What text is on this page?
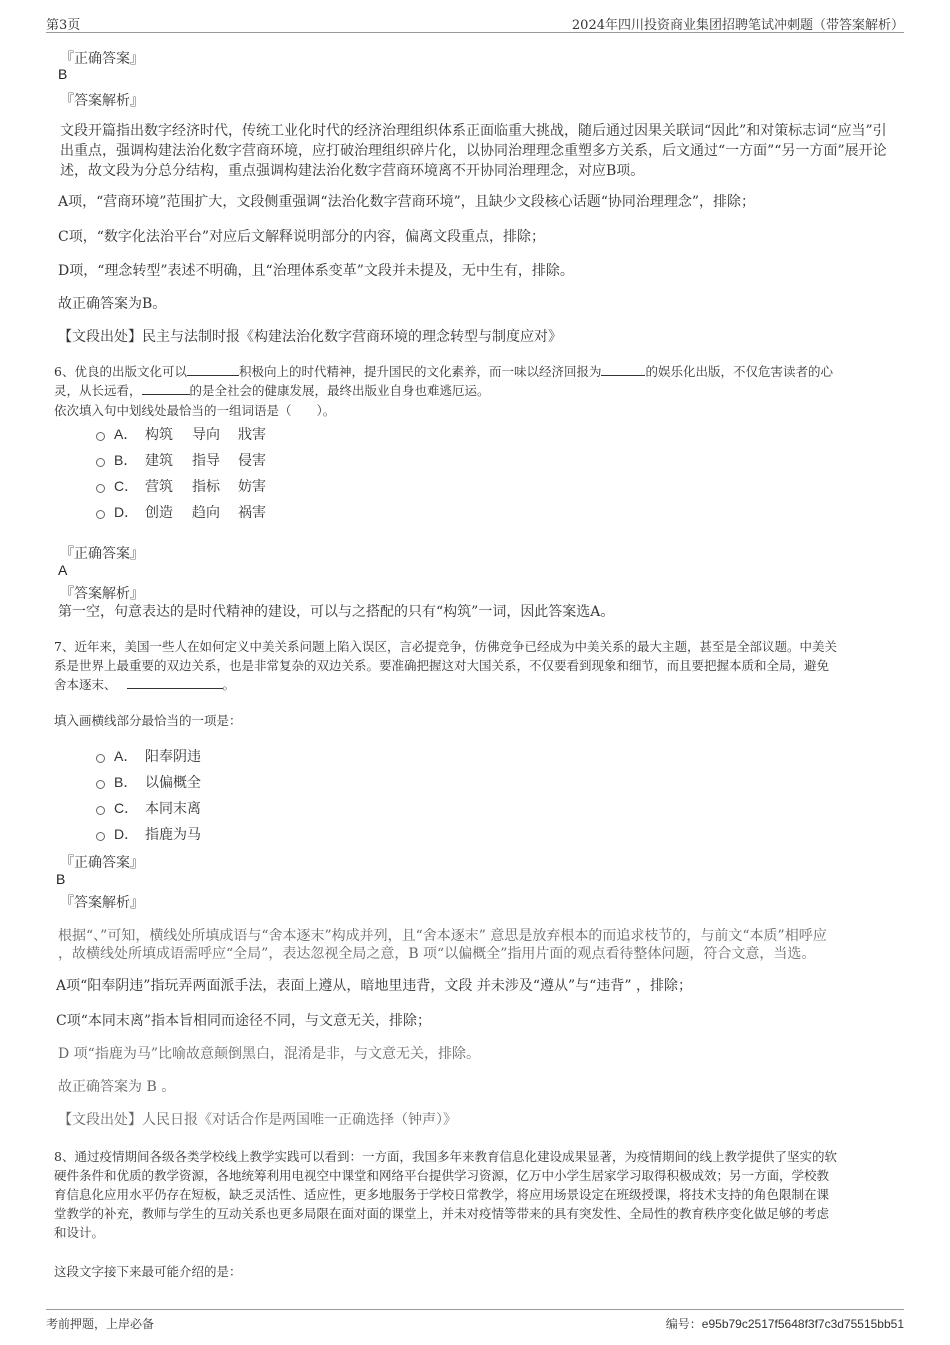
第3页	2024年四川投资商业集团招聘笔试冲刺题（带答案解析）
『正确答案』
B
『答案解析』
文段开篇指出数字经济时代，传统工业化时代的经济治理组织体系正面临重大挑战，随后通过因果关联词“因此”和对策标志词“应当”引出重点，强调构建法治化数字营商环境，应打破治理组织碎片化，以协同治理理念重塑多方关系，后文通过“一方面”“另一方面”展开论述，故文段为分总分结构，重点强调构建法治化数字营商环境离不开协同治理理念，对应B项。
A项，“营商环境”范围扩大，文段侧重强调“法治化数字营商环境”，且缺少文段核心话题“协同治理理念”，排除；
C项，“数字化法治平台”对应后文解释说明部分的内容，偏离文段重点，排除；
D项，“理念转型”表述不明确，且“治理体系变革”文段并未提及，无中生有，排除。
故正确答案为B。
【文段出处】民主与法制时报《构建法治化数字营商环境的理念转型与制度应对》
6、优良的出版文化可以	积极向上的时代精神，提升国民的文化素养，而一味以经济回报为	的娱乐化出版，不仅危害读者的心
灵，从长远看，	的是全社会的健康发展，最终出版业自身也难逃厄运。
依次填入句中划线处最恰当的一组词语是（　　）。
A． 构筑 导向 戕害
B． 建筑 指导 侵害
C． 营筑 指标 妨害
D． 创造 趋向 祸害
『正确答案』
A
『答案解析』
第一空，句意表达的是时代精神的建设，可以与之搭配的只有“构筑”一词，因此答案选A。
7、近年来，美国一些人在如何定义中美关系问题上陷入误区，言必提竞争，仿佛竞争已经成为中美关系的最大主题，甚至是全部议题。中美关
系是世界上最重要的双边关系，也是非常复杂的双边关系。要准确把握这对大国关系，不仅要看到现象和细节，而且要把握本质和全局，避免
舍本逐末、	。
填入画横线部分最恰当的一项是：
A． 阳奉阴违
B． 以偏概全
C． 本同末离
D． 指鹿为马
『正确答案』
B
『答案解析』
根据“、”可知，横线处所填成语与“舍本逐末”构成并列，且“舍本逐末” 意思是放弃根本的而追求枝节的，与前文“本质”相呼应
，故横线处所填成语需呼应“全局”，表达忽视全局之意，B 项“以偏概全”指用片面的观点看待整体问题，符合文意，当选。
A项“阳奉阴违”指玩弄两面派手法，表面上遵从，暗地里违背，文段 并未涉及“遵从”与“违背” ，排除；
C项“本同末离”指本旨相同而途径不同，与文意无关，排除；
D 项“指鹿为马”比喻故意颠倒黑白，混淆是非，与文意无关，排除。
故正确答案为 B 。
【文段出处】人民日报《对话合作是两国唯一正确选择（钟声）》
8、通过疫情期间各级各类学校线上教学实践可以看到：一方面，我国多年来教育信息化建设成果显著，为疫情期间的线上教学提供了坚实的软
硬件条件和优质的教学资源，各地统筹利用电视空中课堂和网络平台提供学习资源，亿万中小学生居家学习取得积极成效；另一方面，学校教
育信息化应用水平仍存在短板，缺乏灵活性、适应性，更多地服务于学校日常教学，将应用场景设定在班级授课，将技术支持的角色限制在课
堂教学的补充，教师与学生的互动关系也更多局限在面对面的课堂上，并未对疫情等带来的具有突发性、全局性的教育秩序变化做足够的考虑
和设计。
这段文字接下来最可能介绍的是：
考前押题，上岸必备	编号：e95b79c2517f5648f3f7c3d75515bb51
